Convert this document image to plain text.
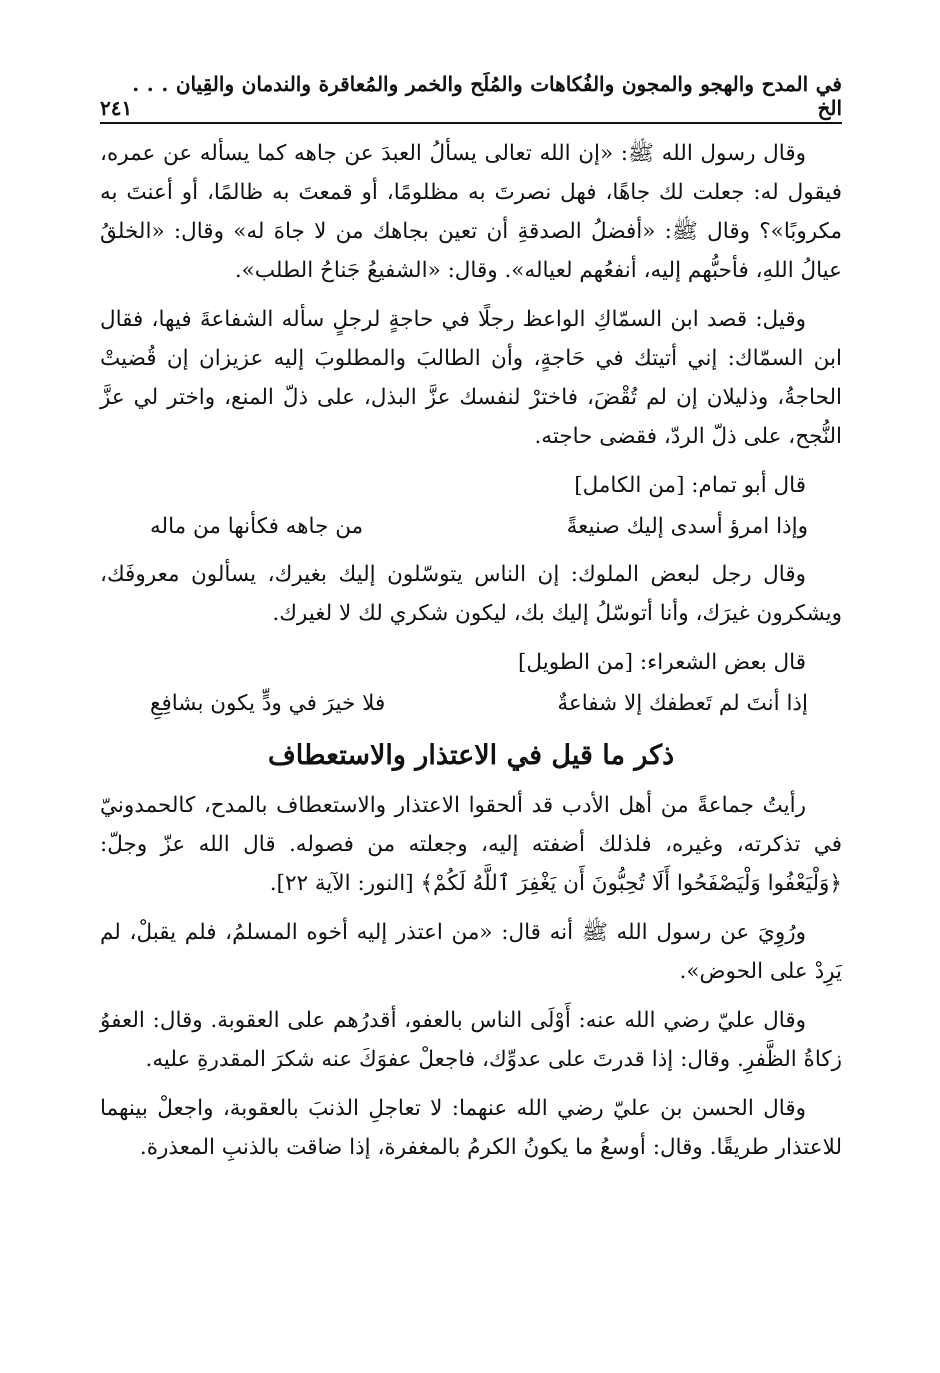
في المدح والهجو والمجون والفُكاهات والمُلَح والخمر والمُعاقرة والندمان والقِيان . . . الخ
٢٤١

وقال رسول الله ﷺ: «إن الله تعالى يسألُ العبدَ عن جاهه كما يسأله عن عمره، فيقول له: جعلت لك جاهًا، فهل نصرتَ به مظلومًا، أو قمعتَ به ظالمًا، أو أعنتَ به مكروبًا»؟ وقال ﷺ: «أفضلُ الصدقةِ أن تعين بجاهك من لا جاهَ له» وقال: «الخلقُ عيالُ اللهِ، فأحبُّهم إليه، أنفعُهم لعياله». وقال: «الشفيعُ جَناحُ الطلب».

وقيل: قصد ابن السمّاكِ الواعظ رجلًا في حاجةٍ لرجلٍ سأله الشفاعةَ فيها، فقال ابن السمّاك: إني أتيتك في حَاجةٍ، وأن الطالبَ والمطلوبَ إليه عزيزان إن قُضيتْ الحاجةُ، وذليلان إن لم تُقْضَ، فاخترْ لنفسك عزَّ البذل، على ذلّ المنع، واختر لي عزَّ النُّجح، على ذلّ الردّ، فقضى حاجته.

قال أبو تمام: [من الكامل]

وإذا امرؤ أسدى إليك صنيعةً
من جاهه فكأنها من ماله

وقال رجل لبعض الملوك: إن الناس يتوسّلون إليك بغيرك، يسألون معروفَك، ويشكرون غيرَك، وأنا أتوسّلُ إليك بك، ليكون شكري لك لا لغيرك.

قال بعض الشعراء: [من الطويل]

إذا أنتَ لم تَعطفك إلا شفاعةٌ
فلا خيرَ في ودٍّ يكون بشافِعِ
ذكر ما قيل في الاعتذار والاستعطاف

رأيتُ جماعةً من أهل الأدب قد ألحقوا الاعتذار والاستعطاف بالمدح، كالحمدونيّ في تذكرته، وغيره، فلذلك أضفته إليه، وجعلته من فصوله. قال الله عزّ وجلّ: ﴿وَلْيَعْفُوا وَلْيَصْفَحُوا أَلَا تُحِبُّونَ أَن يَغْفِرَ ٱللَّهُ لَكُمْ﴾ [النور: الآية ٢٢].

ورُوِيَ عن رسول الله ﷺ أنه قال: «من اعتذر إليه أخوه المسلمُ، فلم يقبلْ، لم يَرِدْ على الحوض».

وقال عليّ رضي الله عنه: أَوْلَى الناس بالعفو، أقدرُهم على العقوبة. وقال: العفوُ زكاةُ الظَّفرِ. وقال: إذا قدرتَ على عدوِّك، فاجعلْ عفوَكَ عنه شكرَ المقدرةِ عليه.

وقال الحسن بن عليّ رضي الله عنهما: لا تعاجلِ الذنبَ بالعقوبة، واجعلْ بينهما للاعتذار طريقًا. وقال: أوسعُ ما يكونُ الكرمُ بالمغفرة، إذا ضاقت بالذنبِ المعذرة.
